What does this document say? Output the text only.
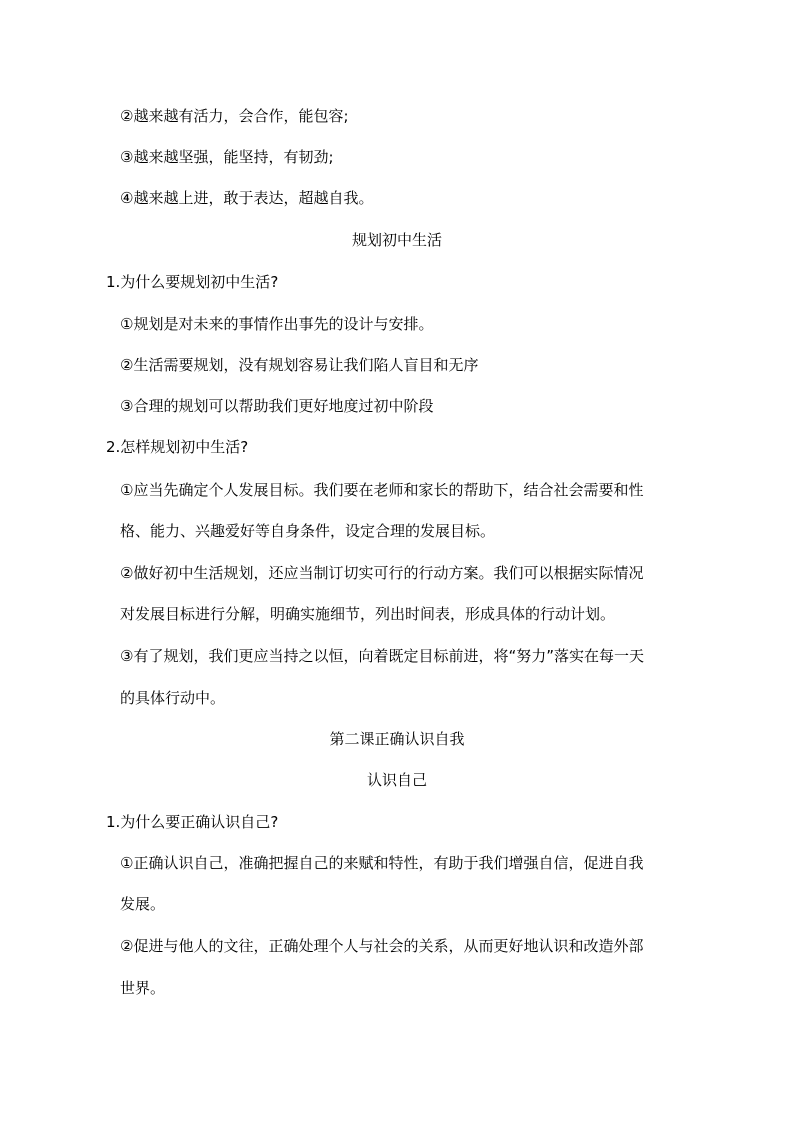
②越来越有活力，会合作，能包容;
③越来越坚强，能坚持，有韧劲;
④越来越上进，敢于表达，超越自我。
规划初中生活
1.为什么要规划初中生活?
①规划是对未来的事情作出事先的设计与安排。
②生活需要规划，没有规划容易让我们陷人盲目和无序
③合理的规划可以帮助我们更好地度过初中阶段
2.怎样规划初中生活?
①应当先确定个人发展目标。我们要在老师和家长的帮助下，结合社会需要和性
格、能力、兴趣爱好等自身条件，设定合理的发展目标。
②做好初中生活规划，还应当制订切实可行的行动方案。我们可以根据实际情况
对发展目标进行分解，明确实施细节，列出时间表，形成具体的行动计划。
③有了规划，我们更应当持之以恒，向着既定目标前进，将“努力”落实在每一天
的具体行动中。
第二课正确认识自我
认识自己
1.为什么要正确认识自己?
①正确认识自己，准确把握自己的来赋和特性，有助于我们增强自信，促进自我
发展。
②促进与他人的文往，正确处理个人与社会的关系，从而更好地认识和改造外部
世界。
